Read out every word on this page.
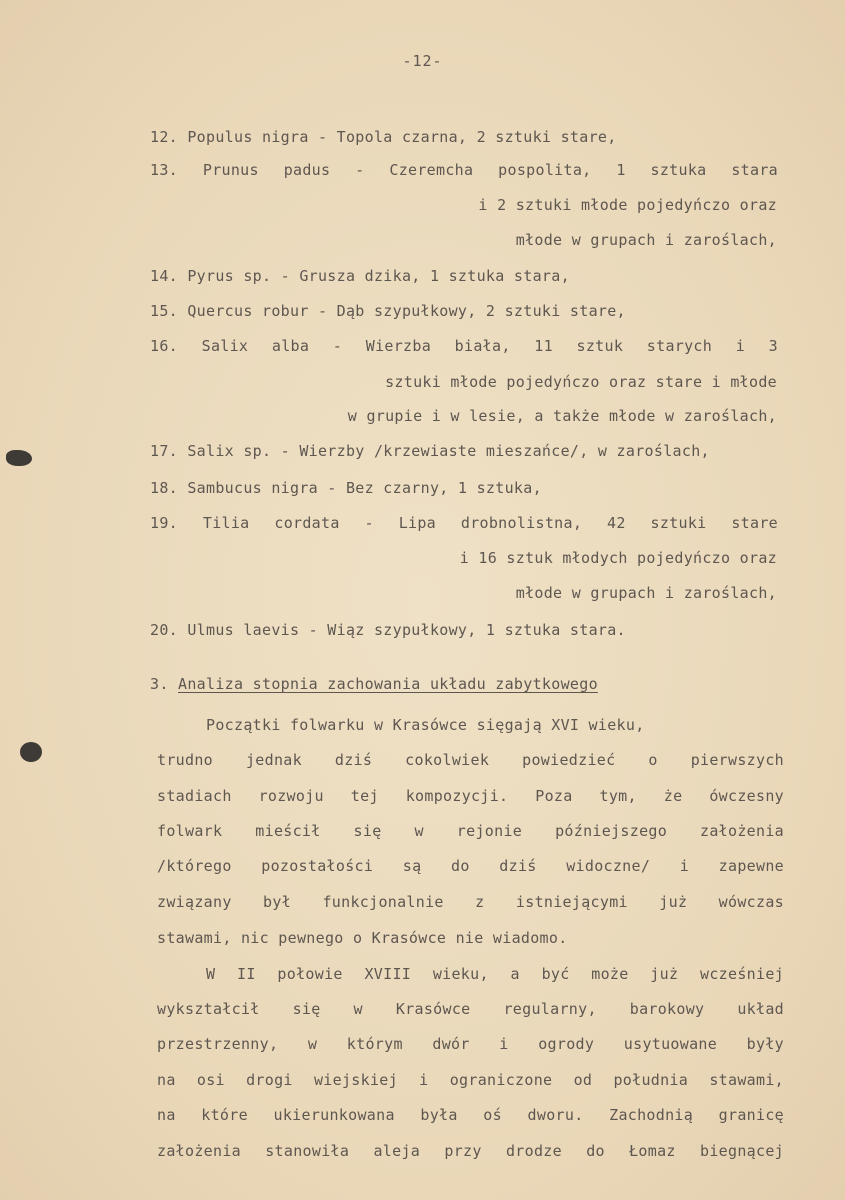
-12-
12. Populus nigra - Topola czarna, 2 sztuki stare,
13. Prunus padus - Czeremcha pospolita, 1 sztuka stara
i 2 sztuki młode pojedyńczo oraz
młode w grupach i zaroślach,
14. Pyrus sp. - Grusza dzika, 1 sztuka stara,
15. Quercus robur - Dąb szypułkowy, 2 sztuki stare,
16. Salix alba - Wierzba biała, 11 sztuk starych i 3
sztuki młode pojedyńczo oraz stare i młode
w grupie i w lesie, a także młode w zaroślach,
17. Salix sp. - Wierzby /krzewiaste mieszańce/, w zaroślach,
18. Sambucus nigra - Bez czarny, 1 sztuka,
19. Tilia cordata - Lipa drobnolistna, 42 sztuki stare
i 16 sztuk młodych pojedyńczo oraz
młode w grupach i zaroślach,
20. Ulmus laevis - Wiąz szypułkowy, 1 sztuka stara.
3. Analiza stopnia zachowania układu zabytkowego
Początki folwarku w Krasówce sięgają XVI wieku,
trudno jednak dziś cokolwiek powiedzieć o pierwszych
stadiach rozwoju tej kompozycji. Poza tym, że ówczesny
folwark mieścił się w rejonie późniejszego założenia
/którego pozostałości są do dziś widoczne/ i zapewne
związany był funkcjonalnie z istniejącymi już wówczas
stawami, nic pewnego o Krasówce nie wiadomo.
W II połowie XVIII wieku, a być może już wcześniej
wykształcił się w Krasówce regularny, barokowy układ
przestrzenny, w którym dwór i ogrody usytuowane były
na osi drogi wiejskiej i ograniczone od południa stawami,
na które ukierunkowana była oś dworu. Zachodnią granicę
założenia stanowiła aleja przy drodze do Łomaz biegnącej
